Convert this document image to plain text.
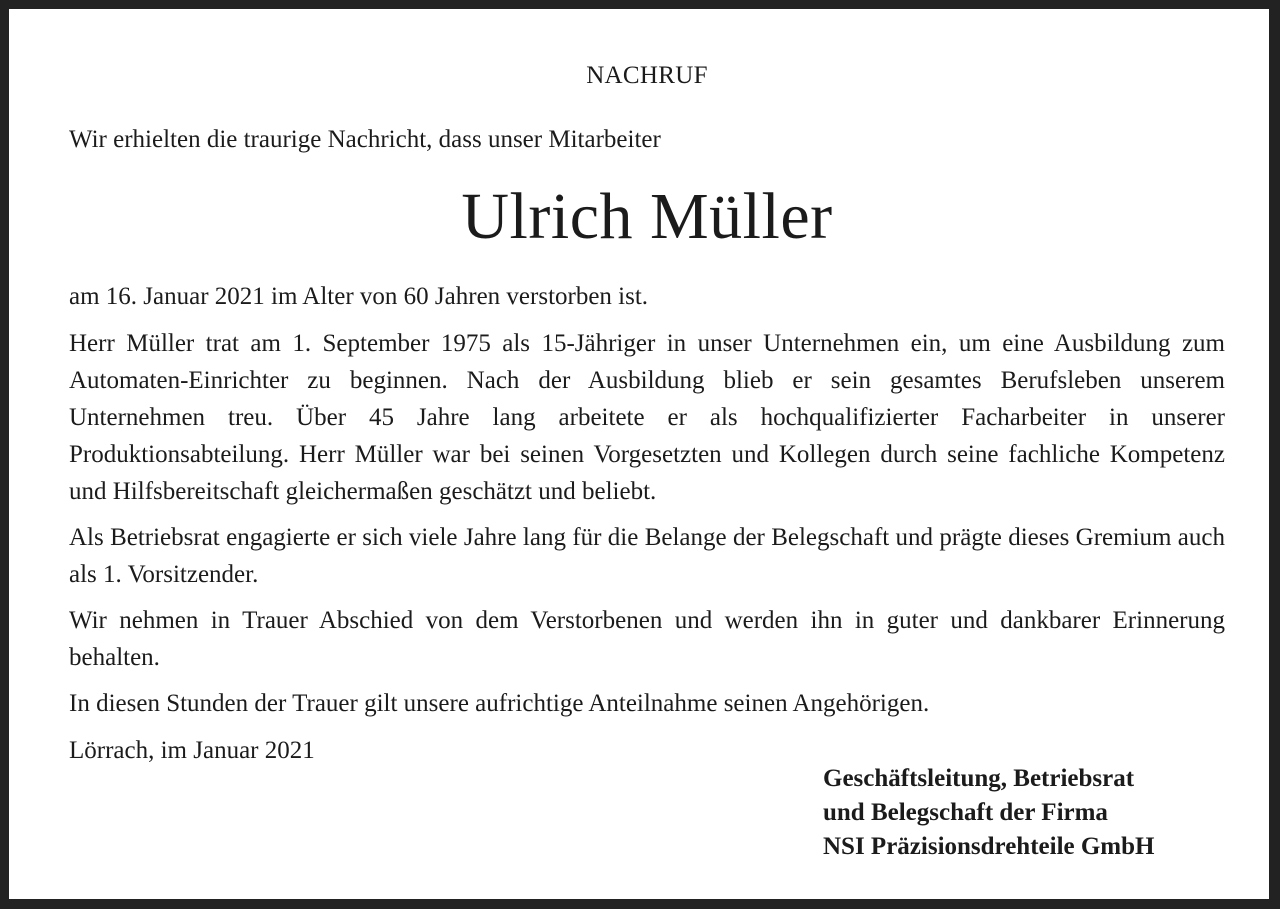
NACHRUF
Wir erhielten die traurige Nachricht, dass unser Mitarbeiter
Ulrich Müller
am 16. Januar 2021 im Alter von 60 Jahren verstorben ist.

Herr Müller trat am 1. September 1975 als 15-Jähriger in unser Unternehmen ein, um eine Ausbildung zum Automaten-Einrichter zu beginnen. Nach der Ausbildung blieb er sein gesamtes Berufsleben unserem Unternehmen treu. Über 45 Jahre lang arbeitete er als hochqualifizierter Facharbeiter in unserer Produktionsabteilung. Herr Müller war bei seinen Vorgesetzten und Kollegen durch seine fachliche Kompetenz und Hilfsbereitschaft gleichermaßen geschätzt und beliebt.

Als Betriebsrat engagierte er sich viele Jahre lang für die Belange der Belegschaft und prägte dieses Gremium auch als 1. Vorsitzender.

Wir nehmen in Trauer Abschied von dem Verstorbenen und werden ihn in guter und dankbarer Erinnerung behalten.

In diesen Stunden der Trauer gilt unsere aufrichtige Anteilnahme seinen Angehörigen.

Lörrach, im Januar 2021
Geschäftsleitung, Betriebsrat
und Belegschaft der Firma
NSI Präzisionsdrehteile GmbH
